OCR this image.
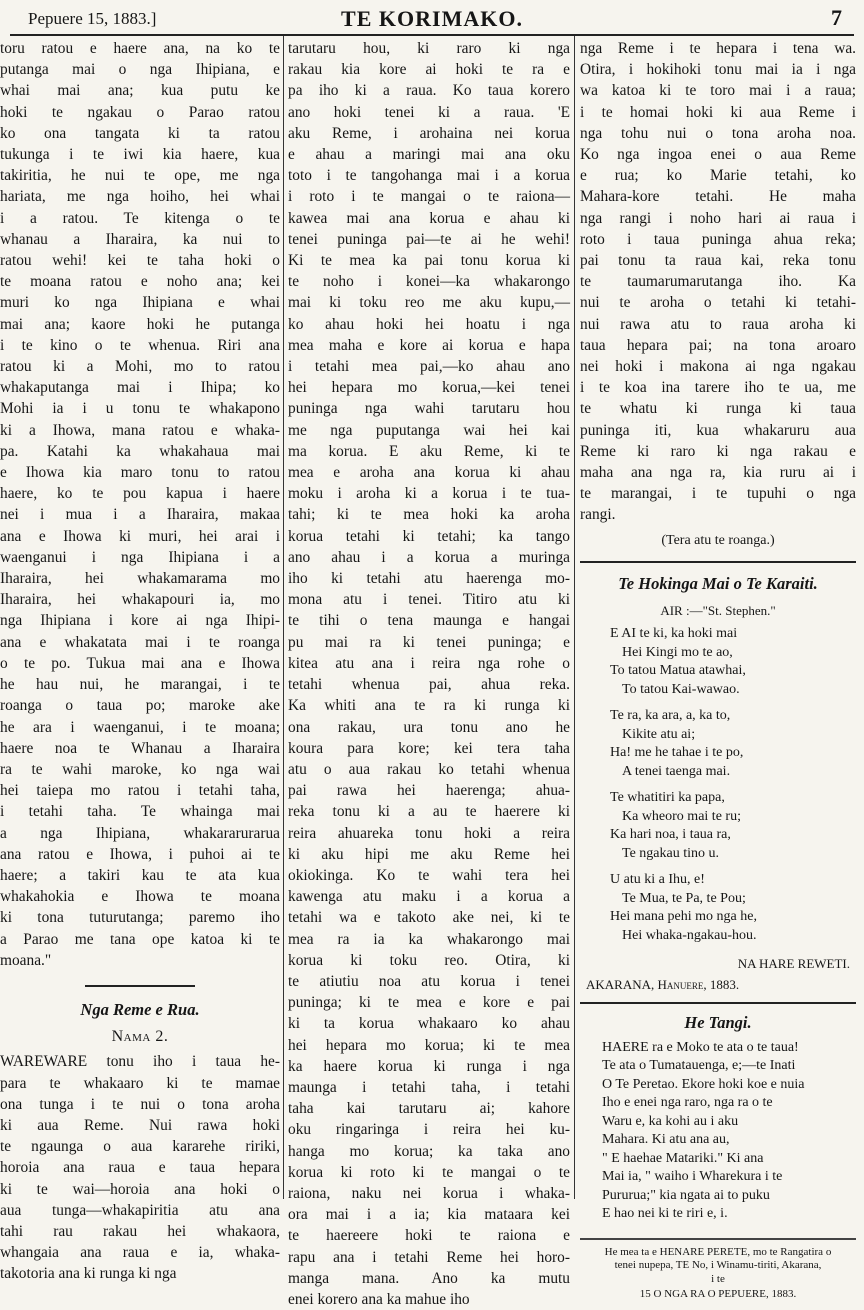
Pepuere 15, 1883.]	TE KORIMAKO.	7
toru ratou e haere ana, na ko te
putanga mai o nga Ihipiana, e
whai mai ana; kua putu ke
hoki te ngakau o Parao ratou
ko ona tangata ki ta ratou
tukunga i te iwi kia haere, kua
takiritia, he nui te ope, me nga
hariata, me nga hoiho, hei whai
i a ratou. Te kitenga o te
whanau a Iharaira, ka nui to
ratou wehi! kei te taha hoki o
te moana ratou e noho ana; kei
muri ko nga Ihipiana e whai
mai ana; kaore hoki he putanga
i te kino o te whenua. Riri ana
ratou ki a Mohi, mo to ratou
whakaputanga mai i Ihipa; ko
Mohi ia i u tonu te whakapono
ki a Ihowa, mana ratou e whaka-
pa. Katahi ka whakahaua mai
e Ihowa kia maro tonu to ratou
haere, ko te pou kapua i haere
nei i mua i a Iharaira, makaa
ana e Ihowa ki muri, hei arai i
waenganui i nga Ihipiana i a
Iharaira, hei whakamarama mo
Iharaira, hei whakapouri ia, mo
nga Ihipiana i kore ai nga Ihipi-
ana e whakatata mai i te roanga
o te po. Tukua mai ana e Ihowa
he hau nui, he marangai, i te
roanga o taua po; maroke ake
he ara i waenganui, i te moana;
haere noa te Whanau a Iharaira
ra te wahi maroke, ko nga wai
hei taiepa mo ratou i tetahi taha,
i tetahi taha. Te whainga mai
a nga Ihipiana, whakararurarua
ana ratou e Ihowa, i puhoi ai te
haere; a takiri kau te ata kua
whakahokia e Ihowa te moana
ki tona tuturutanga; paremo iho
a Parao me tana ope katoa ki te
moana."
Nga Reme e Rua.
Nama 2.
WAREWARE tonu iho i taua he-
para te whakaaro ki te mamae
ona tunga i te nui o tona aroha
ki aua Reme. Nui rawa hoki
te ngaunga o aua kararehe ririki,
horoia ana raua e taua hepara
ki te wai—horoia ana hoki o
aua tunga—whakapiritia atu ana
tahi rau rakau hei whakaora,
whangaia ana raua e ia, whaka-
takotoria ana ki runga ki nga
tarutaru hou, ki raro ki nga
rakau kia kore ai hoki te ra e
pa iho ki a raua. Ko taua korero
ano hoki tenei ki a raua. 'E
aku Reme, i arohaina nei korua
e ahau a maringi mai ana oku
toto i te tangohanga mai i a korua
i roto i te mangai o te raiona—
kawea mai ana korua e ahau ki
tenei puninga pai—te ai he wehi!
Ki te mea ka pai tonu korua ki
te noho i konei—ka whakarongo
mai ki toku reo me aku kupu,—
ko ahau hoki hei hoatu i nga
mea maha e kore ai korua e hapa
i tetahi mea pai,—ko ahau ano
hei hepara mo korua,—kei tenei
puninga nga wahi tarutaru hou
me nga puputanga wai hei kai
ma korua. E aku Reme, ki te
mea e aroha ana korua ki ahau
moku i aroha ki a korua i te tua-
tahi; ki te mea hoki ka aroha
korua tetahi ki tetahi; ka tango
ano ahau i a korua a muringa
iho ki tetahi atu haerenga mo-
mona atu i tenei. Titiro atu ki
te tihi o tena maunga e hangai
pu mai ra ki tenei puninga; e
kitea atu ana i reira nga rohe o
tetahi whenua pai, ahua reka.
Ka whiti ana te ra ki runga ki
ona rakau, ura tonu ano he
koura para kore; kei tera taha
atu o aua rakau ko tetahi whenua
pai rawa hei haerenga; ahua-
reka tonu ki a au te haerere ki
reira ahuareka tonu hoki a reira
ki aku hipi me aku Reme hei
okiokinga. Ko te wahi tera hei
kawenga atu maku i a korua a
tetahi wa e takoto ake nei, ki te
mea ra ia ka whakarongo mai
korua ki toku reo. Otira, ki
te atiutiu noa atu korua i tenei
puninga; ki te mea e kore e pai
ki ta korua whakaaro ko ahau
hei hepara mo korua; ki te mea
ka haere korua ki runga i nga
maunga i tetahi taha, i tetahi
taha kai tarutaru ai; kahore
oku ringaringa i reira hei ku-
hanga mo korua; ka taka ano
korua ki roto ki te mangai o te
raiona, naku nei korua i whaka-
ora mai i a ia; kia mataara kei
te haereere hoki te raiona e
rapu ana i tetahi Reme hei horo-
manga mana. Ano ka mutu
enei korero ana ka mahue iho
nga Reme i te hepara i tena wa.
Otira, i hokihoki tonu mai ia i nga
wa katoa ki te toro mai i a raua;
i te homai hoki ki aua Reme i
nga tohu nui o tona aroha noa.
Ko nga ingoa enei o aua Reme
e rua; ko Marie tetahi, ko
Mahara-kore tetahi. He maha
nga rangi i noho hari ai raua i
roto i taua puninga ahua reka;
pai tonu ta raua kai, reka tonu
te taumarumarutanga iho. Ka
nui te aroha o tetahi ki tetahi-
nui rawa atu to raua aroha ki
taua hepara pai; na tona aroaro
nei hoki i makona ai nga ngakau
i te koa ina tarere iho te ua, me
te whatu ki runga ki taua
puninga iti, kua whakaruru aua
Reme ki raro ki nga rakau e
maha ana nga ra, kia ruru ai i
te marangai, i te tupuhi o nga
rangi.
(Tera atu te roanga.)
Te Hokinga Mai o Te Karaiti.
AIR :—"St. Stephen."
E AI te ki, ka hoki mai
Hei Kingi mo te ao,
To tatou Matua atawhai,
To tatou Kai-wawao.
Te ra, ka ara, a, ka to,
Kikite atu ai;
Ha! me he tahae i te po,
A tenei taenga mai.
Te whatitiri ka papa,
Ka wheoro mai te ru;
Ka hari noa, i taua ra,
Te ngakau tino u.
U atu ki a Ihu, e!
Te Mua, te Pa, te Pou;
Hei mana pehi mo nga he,
Hei whaka-ngakau-hou.
NA HARE REWETI.
AKARANA, Hanuere, 1883.
He Tangi.
HAERE ra e Moko te ata o te taua!
Te ata o Tumatauenga, e;—te Inati
O Te Peretao. Ekore hoki koe e nuia
Iho e enei nga raro, nga ra o te
Waru e, ka kohi au i aku
Mahara. Ki atu ana au,
" E haehae Matariki." Ki ana
Mai ia, " waiho i Wharekura i te
Pururua;" kia ngata ai to puku
E hao nei ki te riri e, i.
He mea ta e HENARE PERETE, mo te Rangatira o
tenei nupepa, TE No, i Winamu-tiriti, Akarana,
i te
15 O NGA RA O PEPUERE, 1883.
